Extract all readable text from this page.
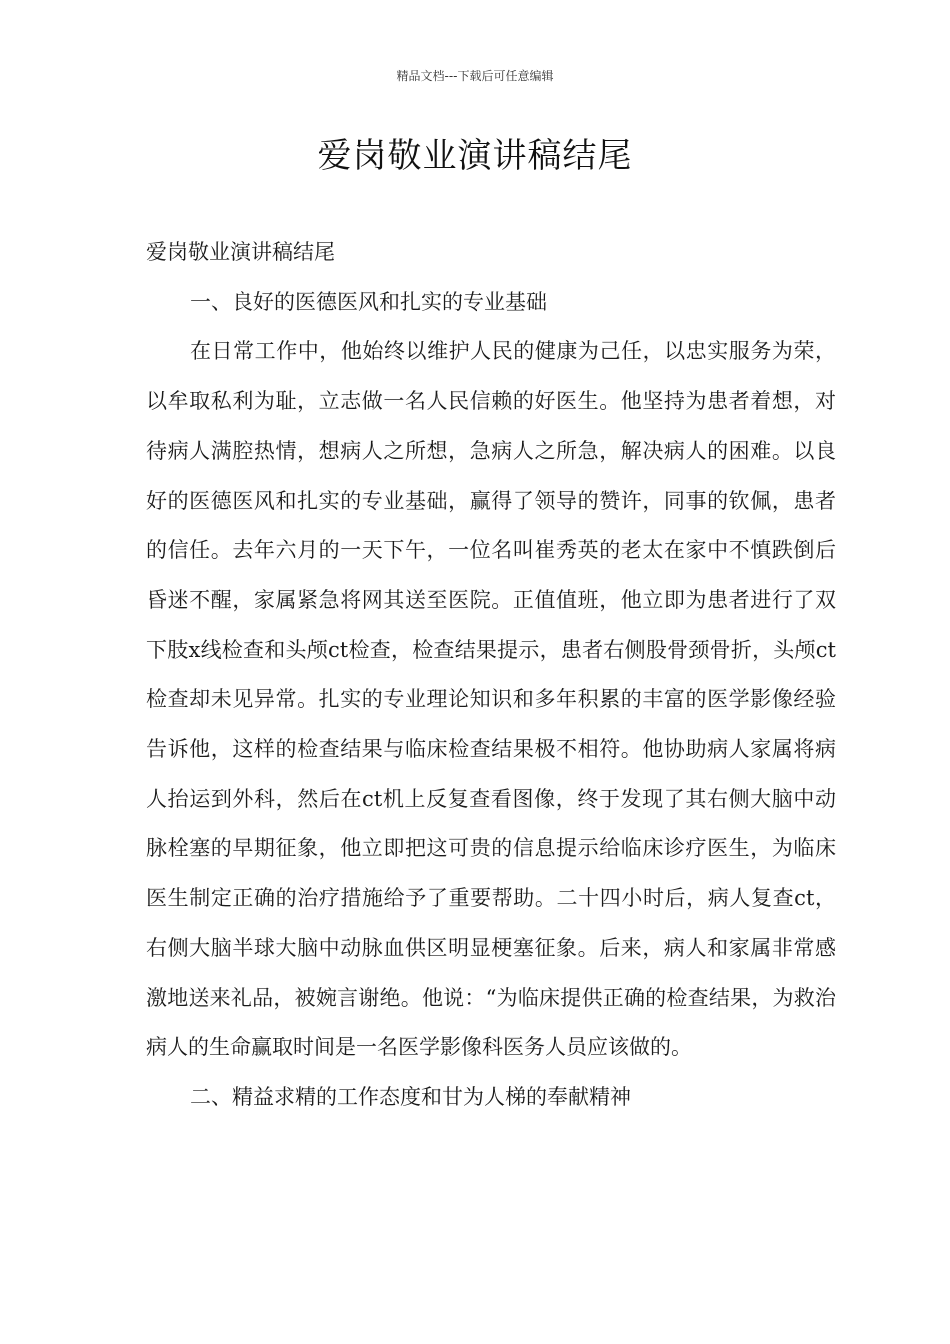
精品文档---下载后可任意编辑
爱岗敬业演讲稿结尾

爱岗敬业演讲稿结尾

一、良好的医德医风和扎实的专业基础

在日常工作中，他始终以维护人民的健康为己任，以忠实服务为荣，以牟取私利为耻，立志做一名人民信赖的好医生。他坚持为患者着想，对待病人满腔热情，想病人之所想，急病人之所急，解决病人的困难。以良好的医德医风和扎实的专业基础，赢得了领导的赞许，同事的钦佩，患者的信任。去年六月的一天下午，一位名叫崔秀英的老太在家中不慎跌倒后昏迷不醒，家属紧急将网其送至医院。正值值班，他立即为患者进行了双下肢x线检查和头颅ct检查，检查结果提示，患者右侧股骨颈骨折，头颅ct检查却未见异常。扎实的专业理论知识和多年积累的丰富的医学影像经验告诉他，这样的检查结果与临床检查结果极不相符。他协助病人家属将病人抬运到外科，然后在ct机上反复查看图像，终于发现了其右侧大脑中动脉栓塞的早期征象，他立即把这可贵的信息提示给临床诊疗医生，为临床医生制定正确的治疗措施给予了重要帮助。二十四小时后，病人复查ct，右侧大脑半球大脑中动脉血供区明显梗塞征象。后来，病人和家属非常感激地送来礼品，被婉言谢绝。他说：“为临床提供正确的检查结果，为救治病人的生命赢取时间是一名医学影像科医务人员应该做的。

二、精益求精的工作态度和甘为人梯的奉献精神
